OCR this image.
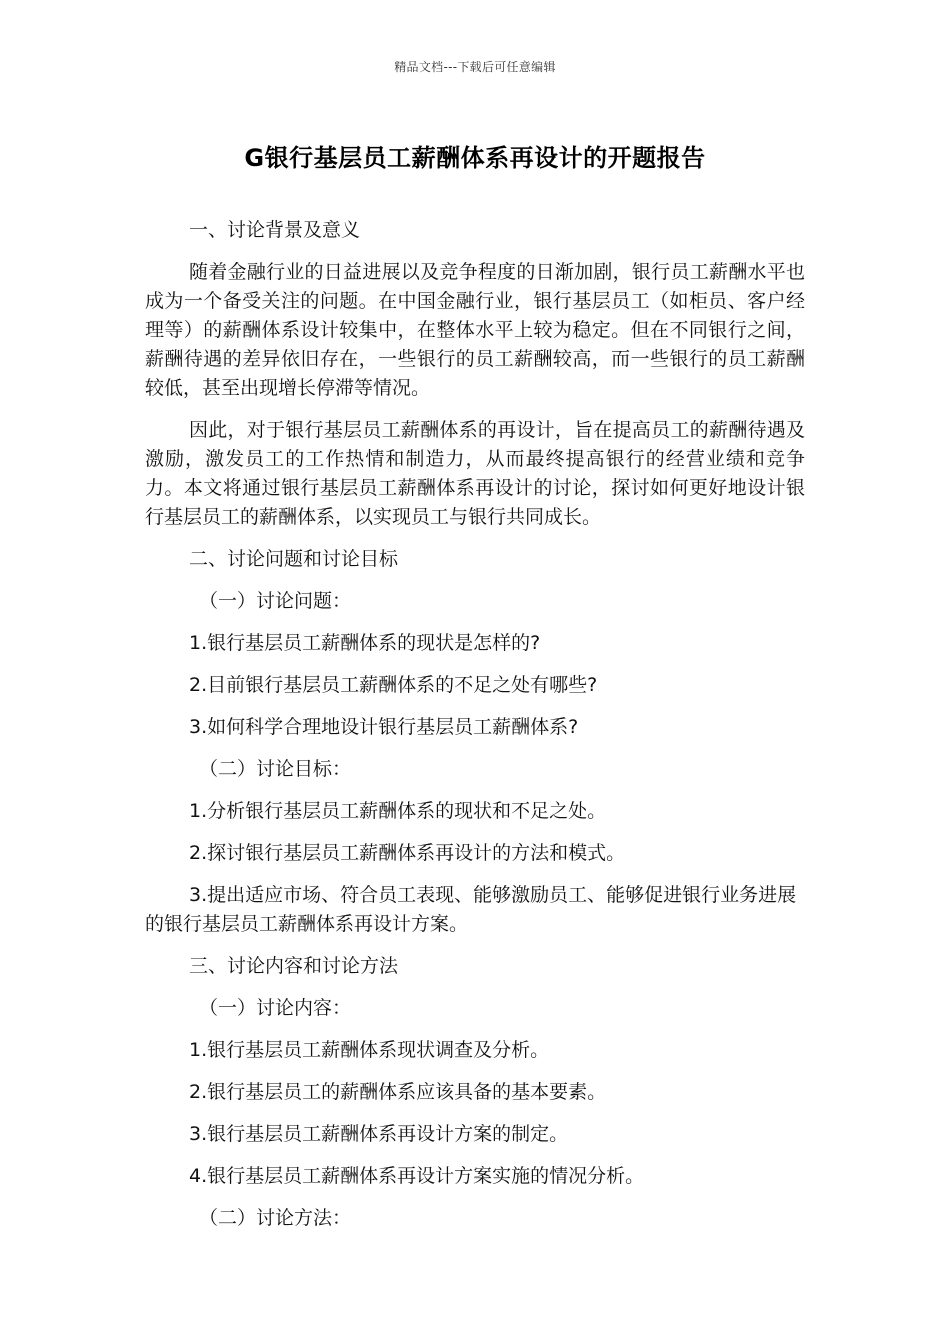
精品文档---下载后可任意编辑
G银行基层员工薪酬体系再设计的开题报告

一、讨论背景及意义

随着金融行业的日益进展以及竞争程度的日渐加剧，银行员工薪酬水平也成为一个备受关注的问题。在中国金融行业，银行基层员工（如柜员、客户经理等）的薪酬体系设计较集中，在整体水平上较为稳定。但在不同银行之间，薪酬待遇的差异依旧存在，一些银行的员工薪酬较高，而一些银行的员工薪酬较低，甚至出现增长停滞等情况。

因此，对于银行基层员工薪酬体系的再设计，旨在提高员工的薪酬待遇及激励，激发员工的工作热情和制造力，从而最终提高银行的经营业绩和竞争力。本文将通过银行基层员工薪酬体系再设计的讨论，探讨如何更好地设计银行基层员工的薪酬体系，以实现员工与银行共同成长。

二、讨论问题和讨论目标

（一）讨论问题：

1.银行基层员工薪酬体系的现状是怎样的?

2.目前银行基层员工薪酬体系的不足之处有哪些?

3.如何科学合理地设计银行基层员工薪酬体系?

（二）讨论目标：

1.分析银行基层员工薪酬体系的现状和不足之处。

2.探讨银行基层员工薪酬体系再设计的方法和模式。

3.提出适应市场、符合员工表现、能够激励员工、能够促进银行业务进展的银行基层员工薪酬体系再设计方案。

三、讨论内容和讨论方法

（一）讨论内容：

1.银行基层员工薪酬体系现状调查及分析。

2.银行基层员工的薪酬体系应该具备的基本要素。

3.银行基层员工薪酬体系再设计方案的制定。

4.银行基层员工薪酬体系再设计方案实施的情况分析。

（二）讨论方法：
